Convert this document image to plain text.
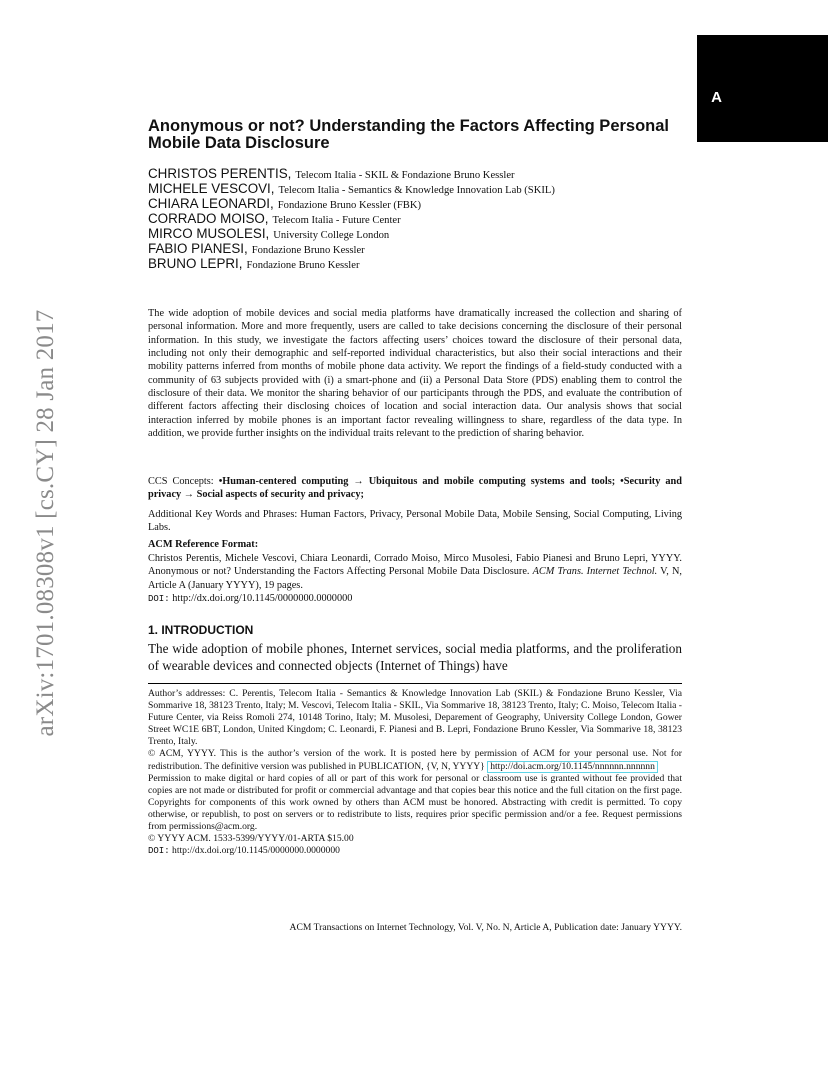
arXiv:1701.08308v1 [cs.CY] 28 Jan 2017
A
Anonymous or not? Understanding the Factors Affecting Personal Mobile Data Disclosure
CHRISTOS PERENTIS, Telecom Italia - SKIL & Fondazione Bruno Kessler
MICHELE VESCOVI, Telecom Italia - Semantics & Knowledge Innovation Lab (SKIL)
CHIARA LEONARDI, Fondazione Bruno Kessler (FBK)
CORRADO MOISO, Telecom Italia - Future Center
MIRCO MUSOLESI, University College London
FABIO PIANESI, Fondazione Bruno Kessler
BRUNO LEPRI, Fondazione Bruno Kessler

The wide adoption of mobile devices and social media platforms have dramatically increased the collection and sharing of personal information. More and more frequently, users are called to take decisions concerning the disclosure of their personal information. In this study, we investigate the factors affecting users’ choices toward the disclosure of their personal data, including not only their demographic and self-reported individual characteristics, but also their social interactions and their mobility patterns inferred from months of mobile phone data activity. We report the findings of a field-study conducted with a community of 63 subjects provided with (i) a smart-phone and (ii) a Personal Data Store (PDS) enabling them to control the disclosure of their data. We monitor the sharing behavior of our participants through the PDS, and evaluate the contribution of different factors affecting their disclosing choices of location and social interaction data. Our analysis shows that social interaction inferred by mobile phones is an important factor revealing willingness to share, regardless of the data type. In addition, we provide further insights on the individual traits relevant to the prediction of sharing behavior.

CCS Concepts: •Human-centered computing → Ubiquitous and mobile computing systems and tools; •Security and privacy → Social aspects of security and privacy;

Additional Key Words and Phrases: Human Factors, Privacy, Personal Mobile Data, Mobile Sensing, Social Computing, Living Labs.

ACM Reference Format:

Christos Perentis, Michele Vescovi, Chiara Leonardi, Corrado Moiso, Mirco Musolesi, Fabio Pianesi and Bruno Lepri, YYYY. Anonymous or not? Understanding the Factors Affecting Personal Mobile Data Disclosure. ACM Trans. Internet Technol. V, N, Article A (January YYYY), 19 pages.
DOI: http://dx.doi.org/10.1145/0000000.0000000

1. INTRODUCTION

The wide adoption of mobile phones, Internet services, social media platforms, and the proliferation of wearable devices and connected objects (Internet of Things) have

Author’s addresses: C. Perentis, Telecom Italia - Semantics & Knowledge Innovation Lab (SKIL) & Fondazione Bruno Kessler, Via Sommarive 18, 38123 Trento, Italy; M. Vescovi, Telecom Italia - SKIL, Via Sommarive 18, 38123 Trento, Italy; C. Moiso, Telecom Italia - Future Center, via Reiss Romoli 274, 10148 Torino, Italy; M. Musolesi, Deparement of Geography, University College London, Gower Street WC1E 6BT, London, United Kingdom; C. Leonardi, F. Pianesi and B. Lepri, Fondazione Bruno Kessler, Via Sommarive 18, 38123 Trento, Italy.

© ACM, YYYY. This is the author’s version of the work. It is posted here by permission of ACM for your personal use. Not for redistribution. The definitive version was published in PUBLICATION, {V, N, YYYY} http://doi.acm.org/10.1145/nnnnnn.nnnnnn

Permission to make digital or hard copies of all or part of this work for personal or classroom use is granted without fee provided that copies are not made or distributed for profit or commercial advantage and that copies bear this notice and the full citation on the first page. Copyrights for components of this work owned by others than ACM must be honored. Abstracting with credit is permitted. To copy otherwise, or republish, to post on servers or to redistribute to lists, requires prior specific permission and/or a fee. Request permissions from permissions@acm.org.

© YYYY ACM. 1533-5399/YYYY/01-ARTA $15.00

DOI: http://dx.doi.org/10.1145/0000000.0000000

ACM Transactions on Internet Technology, Vol. V, No. N, Article A, Publication date: January YYYY.
